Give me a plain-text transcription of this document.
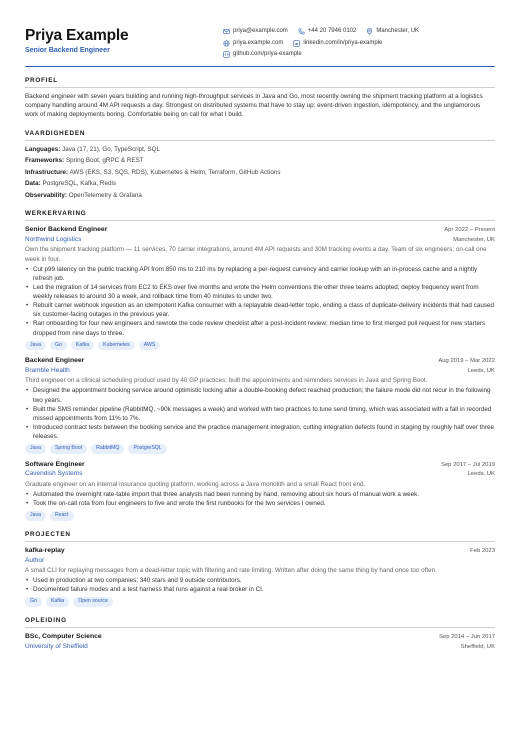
Priya Example
Senior Backend Engineer
priya@example.com	+44 20 7946 0102	Manchester, UK
priya.example.com	linkedin.com/in/priya-example
github.com/priya-example
PROFIEL
Backend engineer with seven years building and running high-throughput services in Java and Go, most recently owning the shipment tracking platform at a logistics company handling around 4M API requests a day. Strongest on distributed systems that have to stay up: event-driven ingestion, idempotency, and the unglamorous work of making deployments boring. Comfortable being on call for what I build.
VAARDIGHEDEN
Languages: Java (17, 21), Go, TypeScript, SQL
Frameworks: Spring Boot, gRPC & REST
Infrastructure: AWS (EKS, S3, SQS, RDS), Kubernetes & Helm, Terraform, GitHub Actions
Data: PostgreSQL, Kafka, Redis
Observability: OpenTelemetry & Grafana
WERKERVARING
Senior Backend Engineer	Apr 2022 – Present
Northwind Logistics	Manchester, UK
Own the shipment tracking platform — 11 services, 70 carrier integrations, around 4M API requests and 30M tracking events a day. Team of six engineers; on-call one week in four.
• Cut p99 latency on the public tracking API from 850 ms to 210 ms by replacing a per-request currency and carrier lookup with an in-process cache and a nightly refresh job.
• Led the migration of 14 services from EC2 to EKS over five months and wrote the Helm conventions the other three teams adopted; deploy frequency went from weekly releases to around 30 a week, and rollback time from 40 minutes to under two.
• Rebuilt carrier webhook ingestion as an idempotent Kafka consumer with a replayable dead-letter topic, ending a class of duplicate-delivery incidents that had caused six customer-facing outages in the previous year.
• Ran onboarding for four new engineers and rewrote the code review checklist after a post-incident review; median time to first merged pull request for new starters dropped from nine days to three.
Java	Go	Kafka	Kubernetes	AWS
Backend Engineer	Aug 2019 – Mar 2022
Bramble Health	Leeds, UK
Third engineer on a clinical scheduling product used by 40 GP practices; built the appointments and reminders services in Java and Spring Boot.
• Designed the appointment booking service around optimistic locking after a double-booking defect reached production; the failure mode did not recur in the following two years.
• Built the SMS reminder pipeline (RabbitMQ, ~90k messages a week) and worked with two practices to tune send timing, which was associated with a fall in recorded missed appointments from 11% to 7%.
• Introduced contract tests between the booking service and the practice management integration, cutting integration defects found in staging by roughly half over three releases.
Java	Spring Boot	RabbitMQ	PostgreSQL
Software Engineer	Sep 2017 – Jul 2019
Cavendish Systems	Leeds, UK
Graduate engineer on an internal insurance quoting platform, working across a Java monolith and a small React front end.
• Automated the overnight rate-table import that three analysts had been running by hand, removing about six hours of manual work a week.
• Took the on-call rota from four engineers to five and wrote the first runbooks for the two services I owned.
Java	React
PROJECTEN
kafka-replay	Feb 2023
Author
A small CLI for replaying messages from a dead-letter topic with filtering and rate limiting. Written after doing the same thing by hand once too often.
• Used in production at two companies; 340 stars and 9 outside contributors.
• Documented failure modes and a test harness that runs against a real broker in CI.
Go	Kafka	Open source
OPLEIDING
BSc, Computer Science	Sep 2014 – Jun 2017
University of Sheffield	Sheffield, UK
